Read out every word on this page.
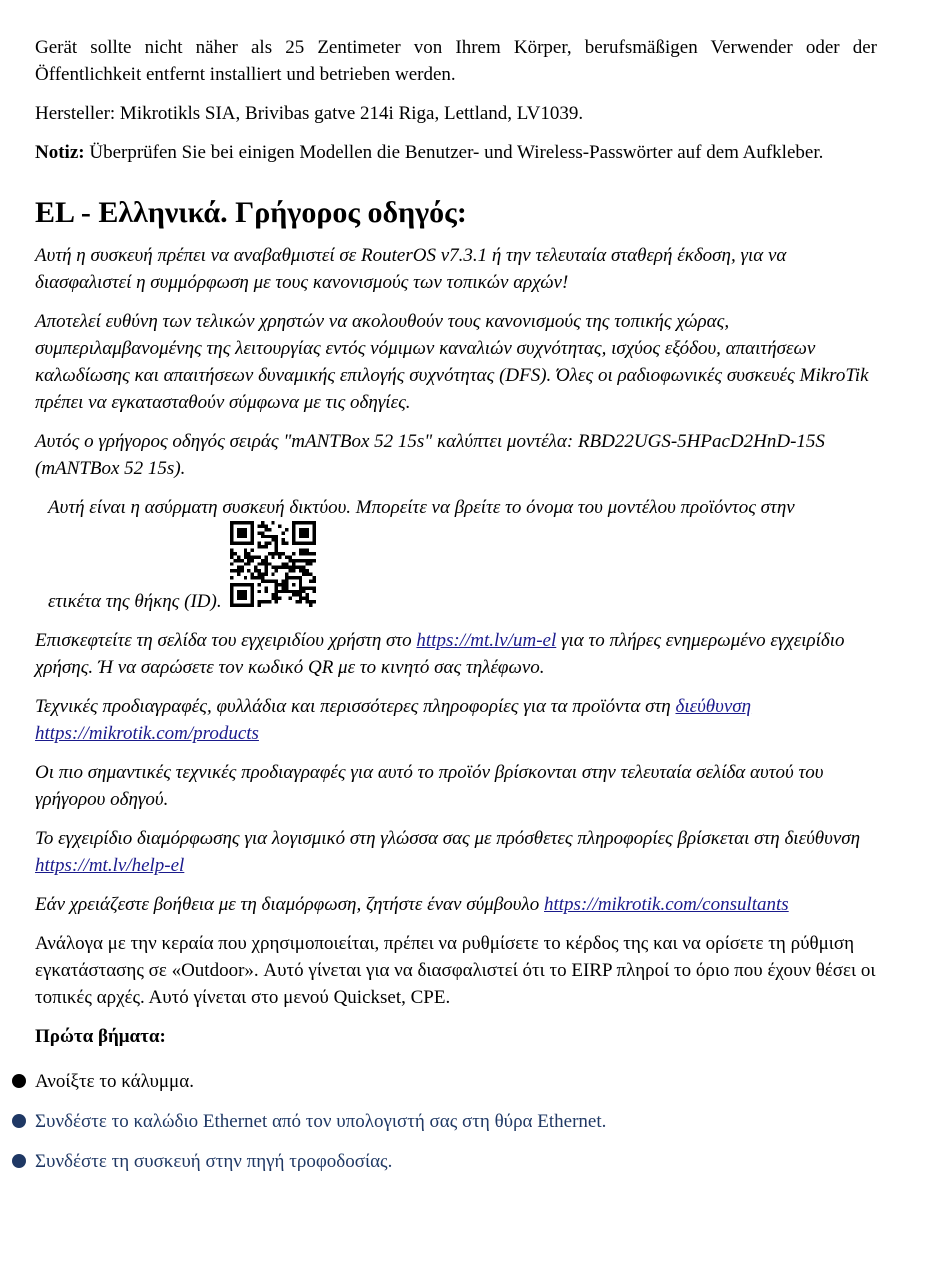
Gerät sollte nicht näher als 25 Zentimeter von Ihrem Körper, berufsmäßigen Verwender oder der Öffentlichkeit entfernt installiert und betrieben werden.

Hersteller: Mikrotikls SIA, Brivibas gatve 214i Riga, Lettland, LV1039.

Notiz: Überprüfen Sie bei einigen Modellen die Benutzer- und Wireless-Passwörter auf dem Aufkleber.

EL - Ελληνικά. Γρήγορος οδηγός:

Αυτή η συσκευή πρέπει να αναβαθμιστεί σε RouterOS v7.3.1 ή την τελευταία σταθερή έκδοση, για να διασφαλιστεί η συμμόρφωση με τους κανονισμούς των τοπικών αρχών!

Αποτελεί ευθύνη των τελικών χρηστών να ακολουθούν τους κανονισμούς της τοπικής χώρας, συμπεριλαμβανομένης της λειτουργίας εντός νόμιμων καναλιών συχνότητας, ισχύος εξόδου, απαιτήσεων καλωδίωσης και απαιτήσεων δυναμικής επιλογής συχνότητας (DFS). Όλες οι ραδιοφωνικές συσκευές MikroTik πρέπει να εγκατασταθούν σύμφωνα με τις οδηγίες.

Αυτός ο γρήγορος οδηγός σειράς "mANTBox 52 15s" καλύπτει μοντέλα: RBD22UGS-5HPacD2HnD-15S (mANTBox 52 15s).

Αυτή είναι η ασύρματη συσκευή δικτύου. Μπορείτε να βρείτε το όνομα του μοντέλου προϊόντος στην
ετικέτα της θήκης (ID).

Επισκεφτείτε τη σελίδα του εγχειριδίου χρήστη στο https://mt.lv/um-el για το πλήρες ενημερωμένο εγχειρίδιο χρήσης. Ή να σαρώσετε τον κωδικό QR με το κινητό σας τηλέφωνο.

Τεχνικές προδιαγραφές, φυλλάδια και περισσότερες πληροφορίες για τα προϊόντα στη διεύθυνση
https://mikrotik.com/products

Οι πιο σημαντικές τεχνικές προδιαγραφές για αυτό το προϊόν βρίσκονται στην τελευταία σελίδα αυτού του γρήγορου οδηγού.

Το εγχειρίδιο διαμόρφωσης για λογισμικό στη γλώσσα σας με πρόσθετες πληροφορίες βρίσκεται στη διεύθυνση https://mt.lv/help-el

Εάν χρειάζεστε βοήθεια με τη διαμόρφωση, ζητήστε έναν σύμβουλο https://mikrotik.com/consultants

Ανάλογα με την κεραία που χρησιμοποιείται, πρέπει να ρυθμίσετε το κέρδος της και να ορίσετε τη ρύθμιση εγκατάστασης σε «Outdoor». Αυτό γίνεται για να διασφαλιστεί ότι το EIRP πληροί το όριο που έχουν θέσει οι τοπικές αρχές. Αυτό γίνεται στο μενού Quickset, CPE.

Πρώτα βήματα:

Ανοίξτε το κάλυμμα.
Συνδέστε το καλώδιο Ethernet από τον υπολογιστή σας στη θύρα Ethernet.
Συνδέστε τη συσκευή στην πηγή τροφοδοσίας.
